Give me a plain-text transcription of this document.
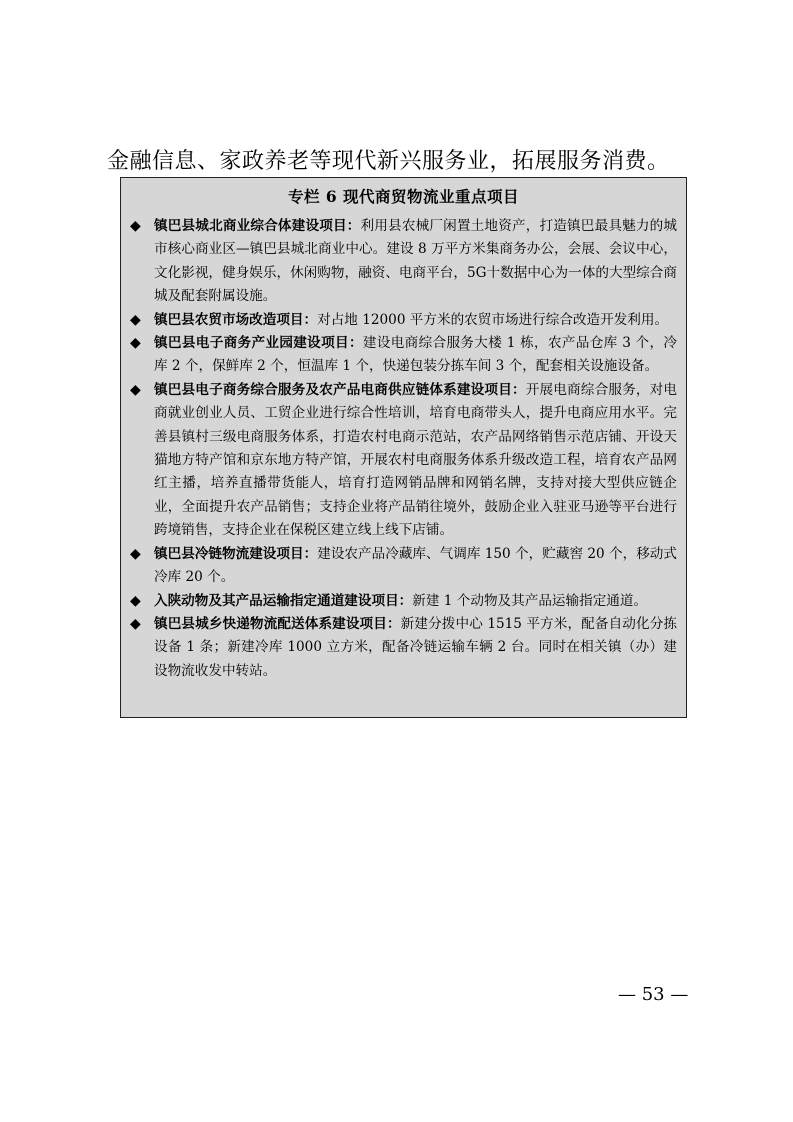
金融信息、家政养老等现代新兴服务业，拓展服务消费。
专栏 6 现代商贸物流业重点项目
◆ 镇巴县城北商业综合体建设项目：利用县农械厂闲置土地资产，打造镇巴最具魅力的城市核心商业区—镇巴县城北商业中心。建设 8 万平方米集商务办公，会展、会议中心，文化影视，健身娱乐，休闲购物，融资、电商平台，5G十数据中心为一体的大型综合商城及配套附属设施。
◆ 镇巴县农贸市场改造项目：对占地 12000 平方米的农贸市场进行综合改造开发利用。
◆ 镇巴县电子商务产业园建设项目：建设电商综合服务大楼 1 栋，农产品仓库 3 个，冷库 2 个，保鲜库 2 个，恒温库 1 个，快递包装分拣车间 3 个，配套相关设施设备。
◆ 镇巴县电子商务综合服务及农产品电商供应链体系建设项目：开展电商综合服务，对电商就业创业人员、工贸企业进行综合性培训，培育电商带头人，提升电商应用水平。完善县镇村三级电商服务体系，打造农村电商示范站，农产品网络销售示范店铺、开设天猫地方特产馆和京东地方特产馆，开展农村电商服务体系升级改造工程，培育农产品网红主播，培养直播带货能人，培育打造网销品牌和网销名牌，支持对接大型供应链企业，全面提升农产品销售；支持企业将产品销往境外，鼓励企业入驻亚马逊等平台进行跨境销售，支持企业在保税区建立线上线下店铺。
◆ 镇巴县冷链物流建设项目：建设农产品冷藏库、气调库 150 个，贮藏窖 20 个，移动式冷库 20 个。
◆ 入陕动物及其产品运输指定通道建设项目：新建 1 个动物及其产品运输指定通道。
◆ 镇巴县城乡快递物流配送体系建设项目：新建分拨中心 1515 平方米，配备自动化分拣设备 1 条；新建冷库 1000 立方米，配备冷链运输车辆 2 台。同时在相关镇（办）建设物流收发中转站。
— 53 —
